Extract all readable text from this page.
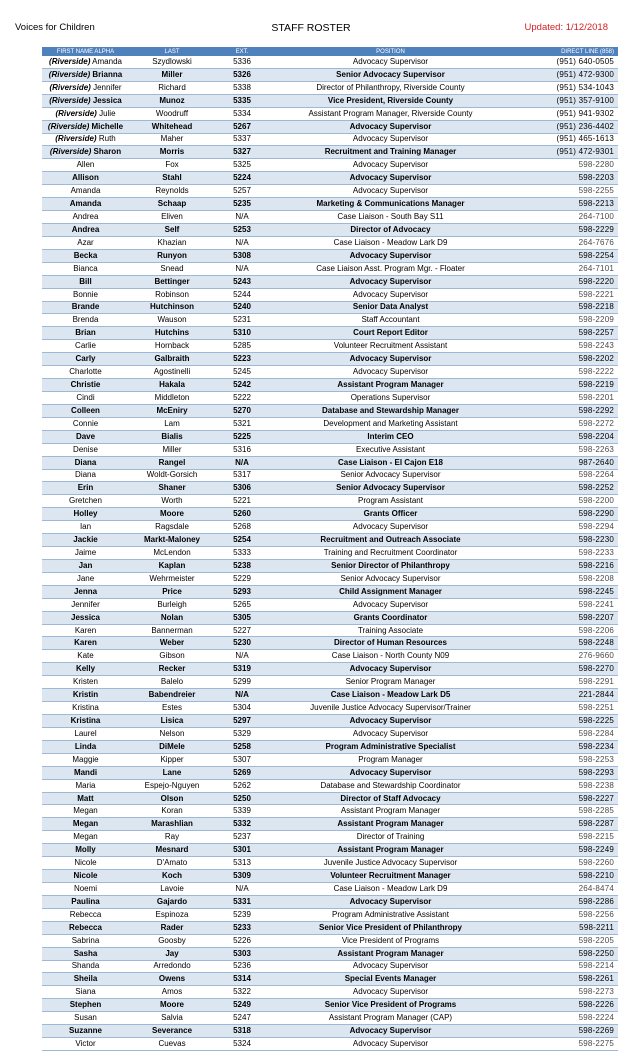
Voices for Children	STAFF ROSTER	Updated: 1/12/2018
FIRST NAME ALPHA	LAST	EXT.	POSITION	DIRECT LINE (858)
(Riverside) Amanda	Szydlowski	5336	Advocacy Supervisor	(951) 640-0505
(Riverside) Brianna	Miller	5326	Senior Advocacy Supervisor	(951) 472-9300
(Riverside) Jennifer	Richard	5338	Director of Philanthropy, Riverside County	(951) 534-1043
(Riverside) Jessica	Munoz	5335	Vice President, Riverside County	(951) 357-9100
(Riverside) Julie	Woodruff	5334	Assistant Program Manager, Riverside County	(951) 941-9302
(Riverside) Michelle	Whitehead	5267	Advocacy Supervisor	(951) 236-4402
(Riverside) Ruth	Maher	5337	Advocacy Supervisor	(951) 465-1613
(Riverside) Sharon	Morris	5327	Recruitment and Training Manager	(951) 472-9301
Allen	Fox	5325	Advocacy Supervisor	598-2280
Allison	Stahl	5224	Advocacy Supervisor	598-2203
Amanda	Reynolds	5257	Advocacy Supervisor	598-2255
Amanda	Schaap	5235	Marketing & Communications Manager	598-2213
Andrea	Eliven	N/A	Case Liaison - South Bay S11	264-7100
Andrea	Self	5253	Director of Advocacy	598-2229
Azar	Khazian	N/A	Case Liaison - Meadow Lark D9	264-7676
Becka	Runyon	5308	Advocacy Supervisor	598-2254
Bianca	Snead	N/A	Case Liaison Asst. Program Mgr. - Floater	264-7101
Bill	Bettinger	5243	Advocacy Supervisor	598-2220
Bonnie	Robinson	5244	Advocacy Supervisor	598-2221
Brande	Hutchinson	5240	Senior Data Analyst	598-2218
Brenda	Wauson	5231	Staff Accountant	598-2209
Brian	Hutchins	5310	Court Report Editor	598-2257
Carlie	Hornback	5285	Volunteer Recruitment Assistant	598-2243
Carly	Galbraith	5223	Advocacy Supervisor	598-2202
Charlotte	Agostinelli	5245	Advocacy Supervisor	598-2222
Christie	Hakala	5242	Assistant Program Manager	598-2219
Cindi	Middleton	5222	Operations Supervisor	598-2201
Colleen	McEniry	5270	Database and Stewardship Manager	598-2292
Connie	Lam	5321	Development and Marketing Assistant	598-2272
Dave	Bialis	5225	Interim CEO	598-2204
Denise	Miller	5316	Executive Assistant	598-2263
Diana	Rangel	N/A	Case Liaison - El Cajon E18	987-2640
Diana	Woldt-Gorsich	5317	Senior Advocacy Supervisor	598-2264
Erin	Shaner	5306	Senior Advocacy Supervisor	598-2252
Gretchen	Worth	5221	Program Assistant	598-2200
Holley	Moore	5260	Grants Officer	598-2290
Ian	Ragsdale	5268	Advocacy Supervisor	598-2294
Jackie	Markt-Maloney	5254	Recruitment and Outreach Associate	598-2230
Jaime	McLendon	5333	Training and Recruitment Coordinator	598-2233
Jan	Kaplan	5238	Senior Director of Philanthropy	598-2216
Jane	Wehrmeister	5229	Senior Advocacy Supervisor	598-2208
Jenna	Price	5293	Child Assignment Manager	598-2245
Jennifer	Burleigh	5265	Advocacy Supervisor	598-2241
Jessica	Nolan	5305	Grants Coordinator	598-2207
Karen	Bannerman	5227	Training Associate	598-2206
Karen	Weber	5230	Director of Human Resources	598-2248
Kate	Gibson	N/A	Case Liaison - North County N09	276-9660
Kelly	Recker	5319	Advocacy Supervisor	598-2270
Kristen	Balelo	5299	Senior Program Manager	598-2291
Kristin	Babendreier	N/A	Case Liaison - Meadow Lark D5	221-2844
Kristina	Estes	5304	Juvenile Justice Advocacy Supervisor/Trainer	598-2251
Kristina	Lisica	5297	Advocacy Supervisor	598-2225
Laurel	Nelson	5329	Advocacy Supervisor	598-2284
Linda	DiMele	5258	Program Administrative Specialist	598-2234
Maggie	Kipper	5307	Program Manager	598-2253
Mandi	Lane	5269	Advocacy Supervisor	598-2293
Maria	Espejo-Nguyen	5262	Database and Stewardship Coordinator	598-2238
Matt	Olson	5250	Director of Staff Advocacy	598-2227
Megan	Koran	5339	Assistant Program Manager	598-2285
Megan	Marashlian	5332	Assistant Program Manager	598-2287
Megan	Ray	5237	Director of Training	598-2215
Molly	Mesnard	5301	Assistant Program Manager	598-2249
Nicole	D'Amato	5313	Juvenile Justice Advocacy Supervisor	598-2260
Nicole	Koch	5309	Volunteer Recruitment Manager	598-2210
Noemi	Lavoie	N/A	Case Liaison - Meadow Lark D9	264-8474
Paulina	Gajardo	5331	Advocacy Supervisor	598-2286
Rebecca	Espinoza	5239	Program Administrative Assistant	598-2256
Rebecca	Rader	5233	Senior Vice President of Philanthropy	598-2211
Sabrina	Goosby	5226	Vice President of Programs	598-2205
Sasha	Jay	5303	Assistant Program Manager	598-2250
Shanda	Arredondo	5236	Advocacy Supervisor	598-2214
Sheila	Owens	5314	Special Events Manager	598-2261
Siana	Amos	5322	Advocacy Supervisor	598-2273
Stephen	Moore	5249	Senior Vice President of Programs	598-2226
Susan	Salvia	5247	Assistant Program Manager (CAP)	598-2224
Suzanne	Severance	5318	Advocacy Supervisor	598-2269
Victor	Cuevas	5324	Advocacy Supervisor	598-2275
